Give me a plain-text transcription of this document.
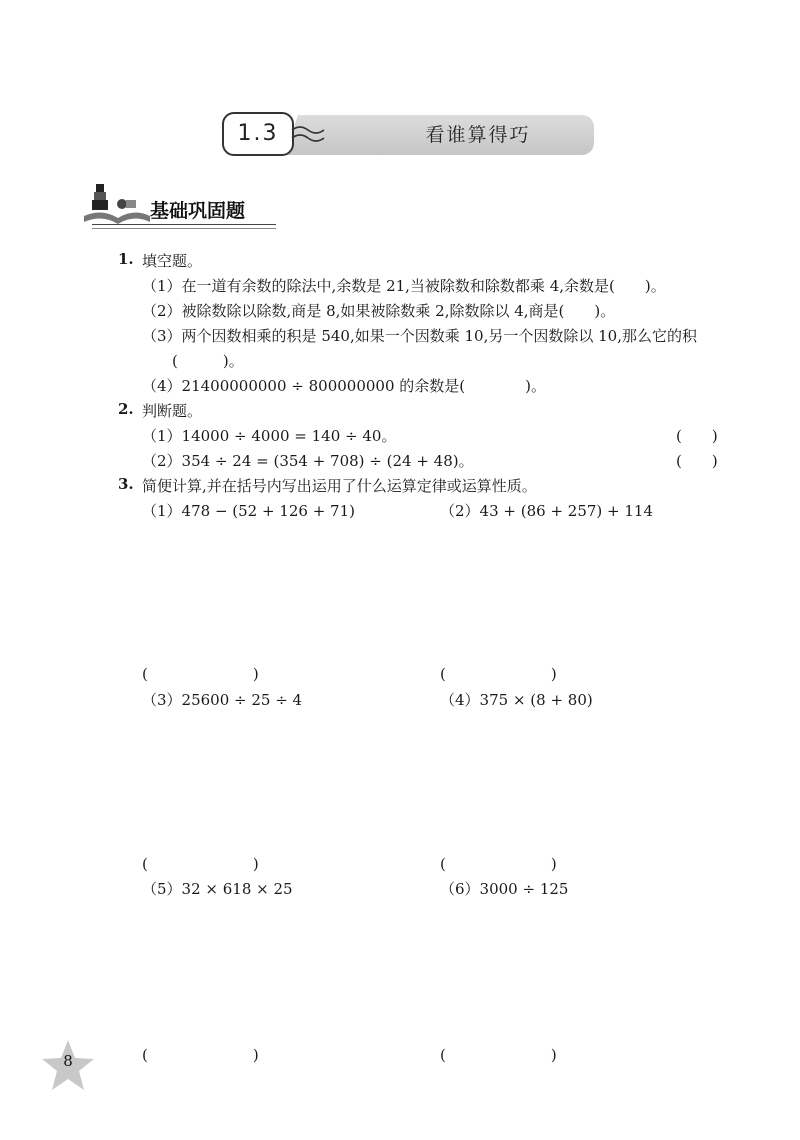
1.3	看谁算得巧
基础巩固题
1. 填空题。
（1）在一道有余数的除法中,余数是 21,当被除数和除数都乘 4,余数是(　　)。
（2）被除数除以除数,商是 8,如果被除数乘 2,除数除以 4,商是(　　)。
（3）两个因数相乘的积是 540,如果一个因数乘 10,另一个因数除以 10,那么它的积
(　　　)。
（4）21400000000 ÷ 800000000 的余数是(　　　　)。
2. 判断题。
（1）14000 ÷ 4000 = 140 ÷ 40。	(　　)
（2）354 ÷ 24 = (354 + 708) ÷ (24 + 48)。	(　　)
3. 简便计算,并在括号内写出运用了什么运算定律或运算性质。
（1）478 − (52 + 126 + 71)	（2）43 + (86 + 257) + 114
(　　　　　　　)	(　　　　　　　)
（3）25600 ÷ 25 ÷ 4	（4）375 × (8 + 80)
(　　　　　　　)	(　　　　　　　)
（5）32 × 618 × 25	（6）3000 ÷ 125
(　　　　　　　)	(　　　　　　　)
8
